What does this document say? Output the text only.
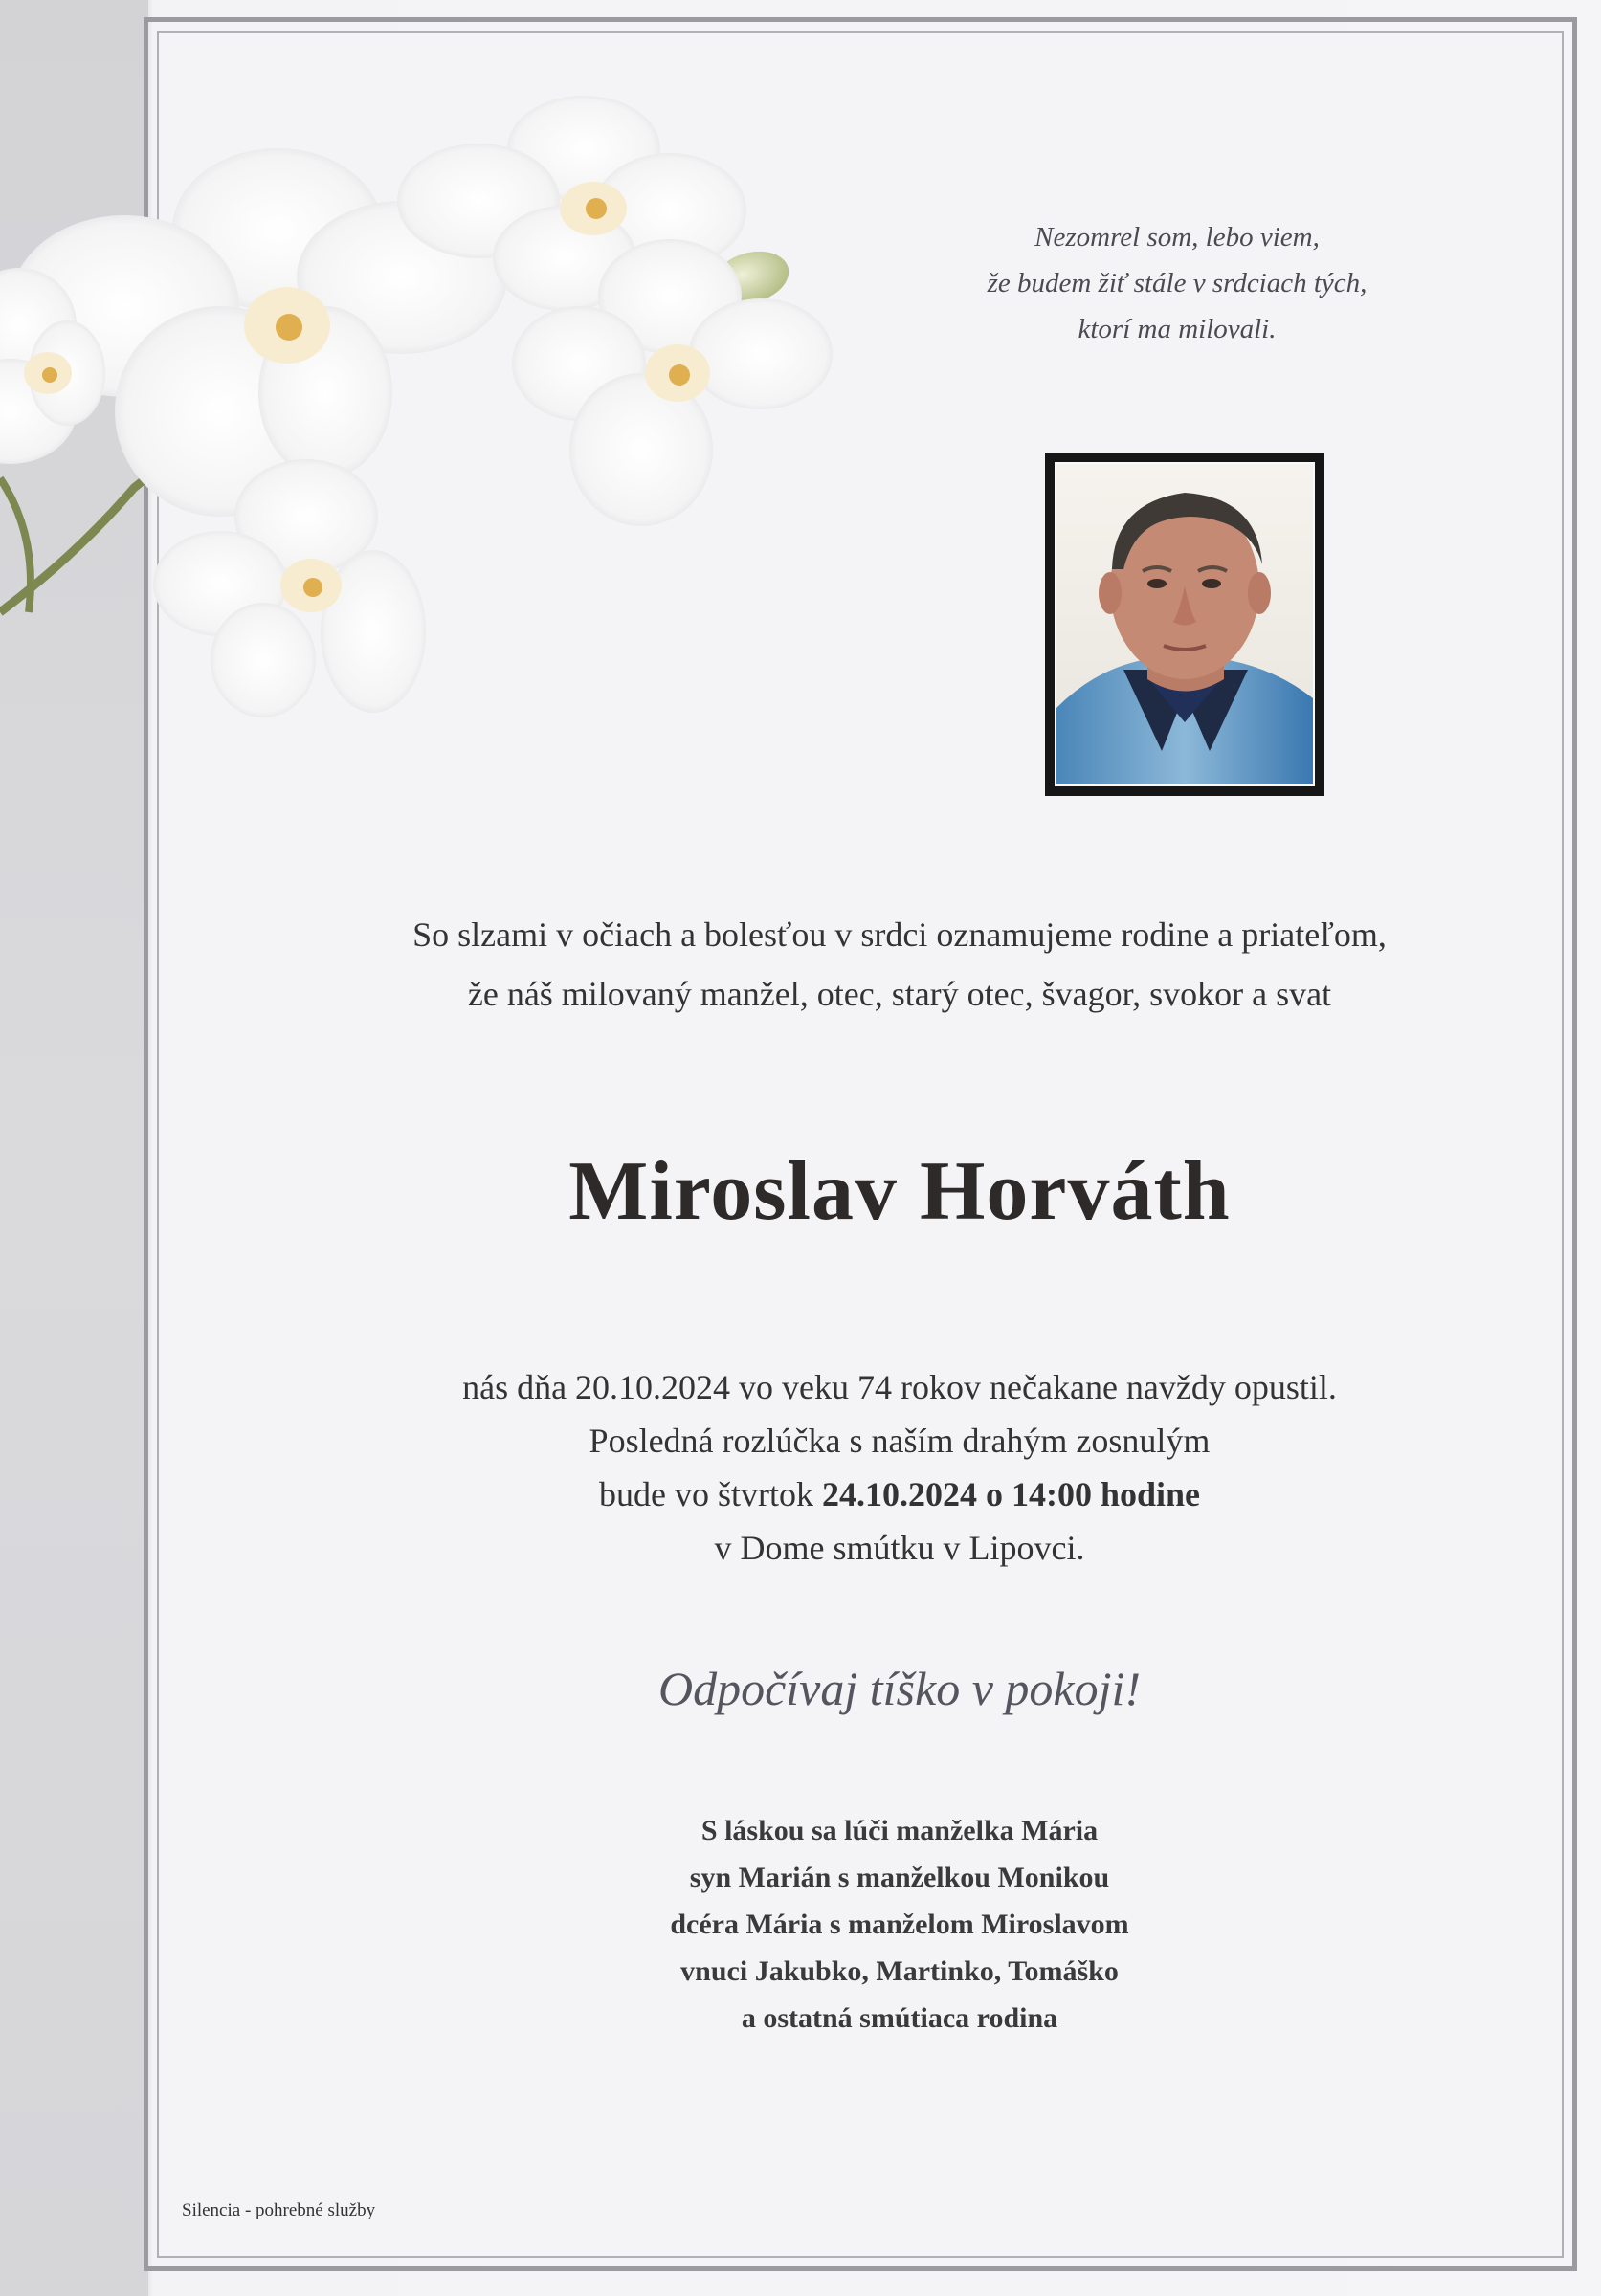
Nezomrel som, lebo viem,
že budem žiť stále v srdciach tých,
ktorí ma milovali.
So slzami v očiach a bolesťou v srdci oznamujeme rodine a priateľom,
že náš milovaný manžel, otec, starý otec, švagor, svokor a svat
Miroslav Horváth
nás dňa 20.10.2024 vo veku 74 rokov nečakane navždy opustil.
Posledná rozlúčka s naším drahým zosnulým
bude vo štvrtok 24.10.2024 o 14:00 hodine
v Dome smútku v Lipovci.
Odpočívaj tíško v pokoji!
S láskou sa lúči manželka Mária
syn Marián s manželkou Monikou
dcéra Mária s manželom Miroslavom
vnuci Jakubko, Martinko, Tomáško
a ostatná smútiaca rodina
Silencia - pohrebné služby
